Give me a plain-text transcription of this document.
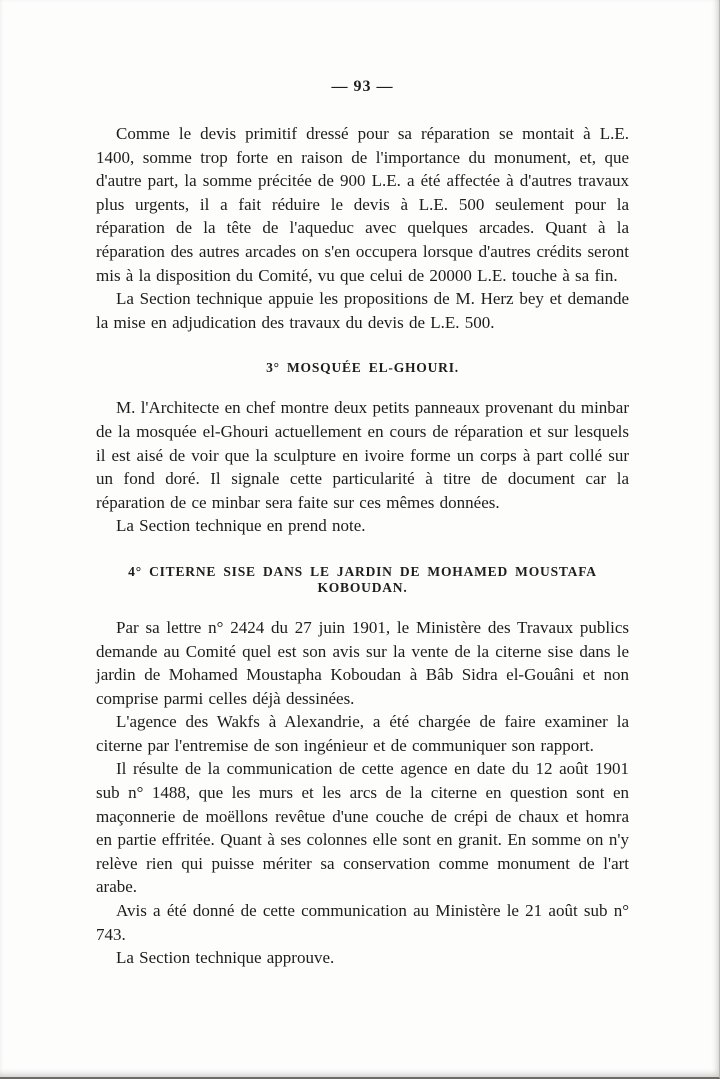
— 93 —

Comme le devis primitif dressé pour sa réparation se montait à L.E. 1400, somme trop forte en raison de l'importance du monument, et, que d'autre part, la somme précitée de 900 L.E. a été affectée à d'autres travaux plus urgents, il a fait réduire le devis à L.E. 500 seulement pour la réparation de la tête de l'aqueduc avec quelques arcades. Quant à la réparation des autres arcades on s'en occupera lorsque d'autres crédits seront mis à la disposition du Comité, vu que celui de 20000 L.E. touche à sa fin.

La Section technique appuie les propositions de M. Herz bey et demande la mise en adjudication des travaux du devis de L.E. 500.

3° MOSQUÉE EL-GHOURI.

M. l'Architecte en chef montre deux petits panneaux provenant du minbar de la mosquée el-Ghouri actuellement en cours de réparation et sur lesquels il est aisé de voir que la sculpture en ivoire forme un corps à part collé sur un fond doré. Il signale cette particularité à titre de document car la réparation de ce minbar sera faite sur ces mêmes données.

La Section technique en prend note.

4° CITERNE SISE DANS LE JARDIN DE MOHAMED MOUSTAFA KOBOUDAN.

Par sa lettre n° 2424 du 27 juin 1901, le Ministère des Travaux publics demande au Comité quel est son avis sur la vente de la citerne sise dans le jardin de Mohamed Moustapha Koboudan à Bâb Sidra el-Gouâni et non comprise parmi celles déjà dessinées.

L'agence des Wakfs à Alexandrie, a été chargée de faire examiner la citerne par l'entremise de son ingénieur et de communiquer son rapport.

Il résulte de la communication de cette agence en date du 12 août 1901 sub n° 1488, que les murs et les arcs de la citerne en question sont en maçonnerie de moëllons revêtue d'une couche de crépi de chaux et homra en partie effritée. Quant à ses colonnes elle sont en granit. En somme on n'y relève rien qui puisse mériter sa conservation comme monument de l'art arabe.

Avis a été donné de cette communication au Ministère le 21 août sub n° 743.

La Section technique approuve.
